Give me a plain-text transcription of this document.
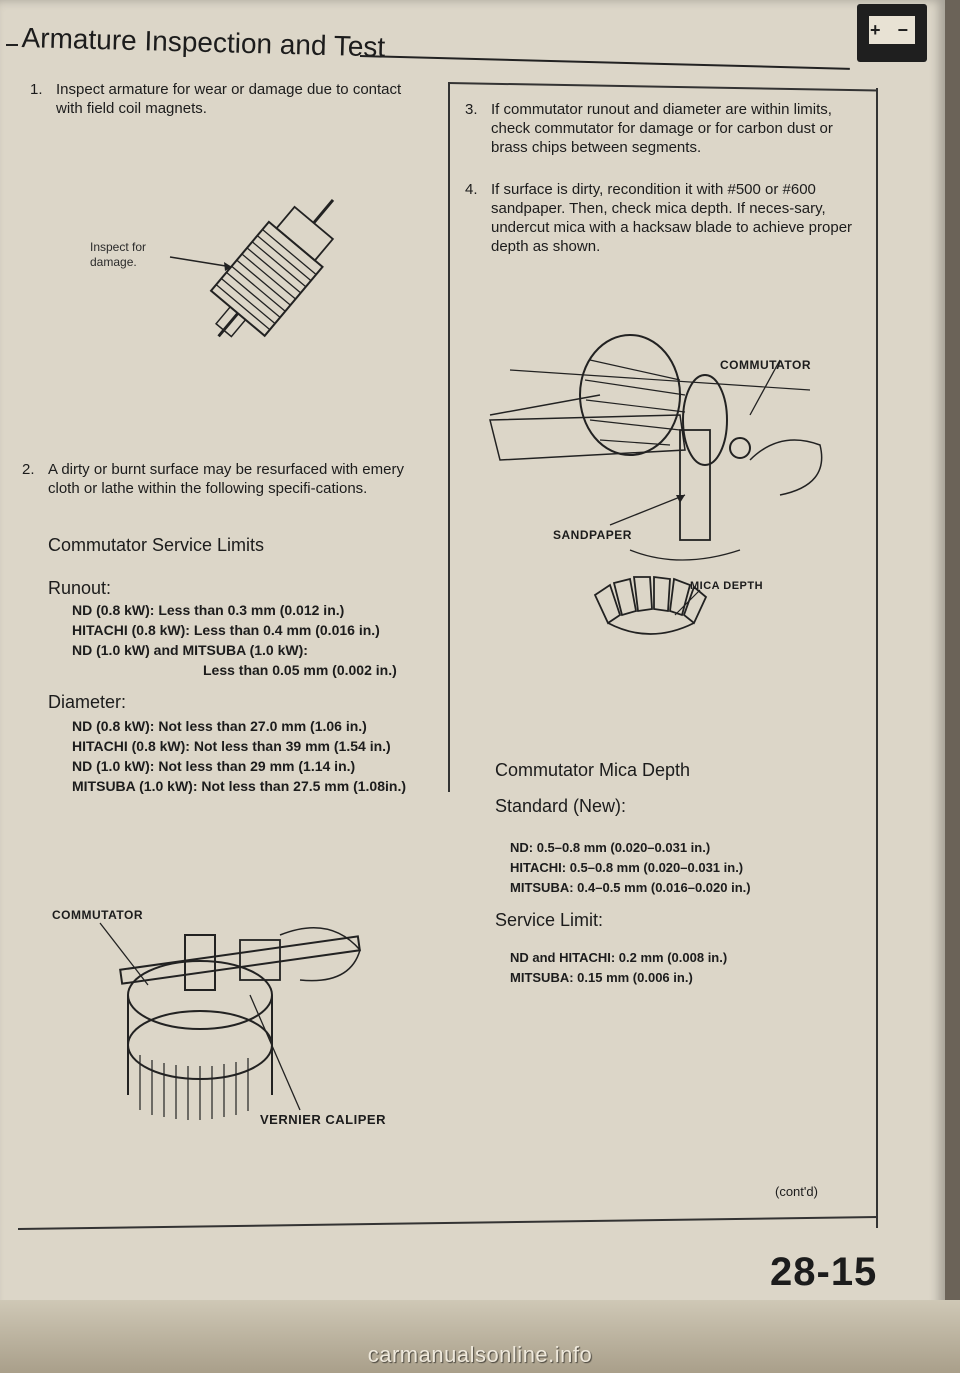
Armature Inspection and Test	+ −
1. Inspect armature for wear or damage due to contact with field coil magnets.
Inspect for damage.
2. A dirty or burnt surface may be resurfaced with emery cloth or lathe within the following specifi-cations.
Commutator Service Limits
Runout:
ND (0.8 kW): Less than 0.3 mm (0.012 in.)
HITACHI (0.8 kW): Less than 0.4 mm (0.016 in.)
ND (1.0 kW) and MITSUBA (1.0 kW):
Less than 0.05 mm (0.002 in.)
Diameter:
ND (0.8 kW): Not less than 27.0 mm (1.06 in.)
HITACHI (0.8 kW): Not less than 39 mm (1.54 in.)
ND (1.0 kW): Not less than 29 mm (1.14 in.)
MITSUBA (1.0 kW): Not less than 27.5 mm (1.08in.)
COMMUTATOR
VERNIER CALIPER
3. If commutator runout and diameter are within limits, check commutator for damage or for carbon dust or brass chips between segments.
4. If surface is dirty, recondition it with #500 or #600 sandpaper. Then, check mica depth. If neces-sary, undercut mica with a hacksaw blade to achieve proper depth as shown.
COMMUTATOR
SANDPAPER
MICA DEPTH
Commutator Mica Depth
Standard (New):
ND: 0.5–0.8 mm (0.020–0.031 in.)
HITACHI: 0.5–0.8 mm (0.020–0.031 in.)
MITSUBA: 0.4–0.5 mm (0.016–0.020 in.)
Service Limit:
ND and HITACHI: 0.2 mm (0.008 in.)
MITSUBA: 0.15 mm (0.006 in.)
(cont'd)
28-15
carmanualsonline.info
